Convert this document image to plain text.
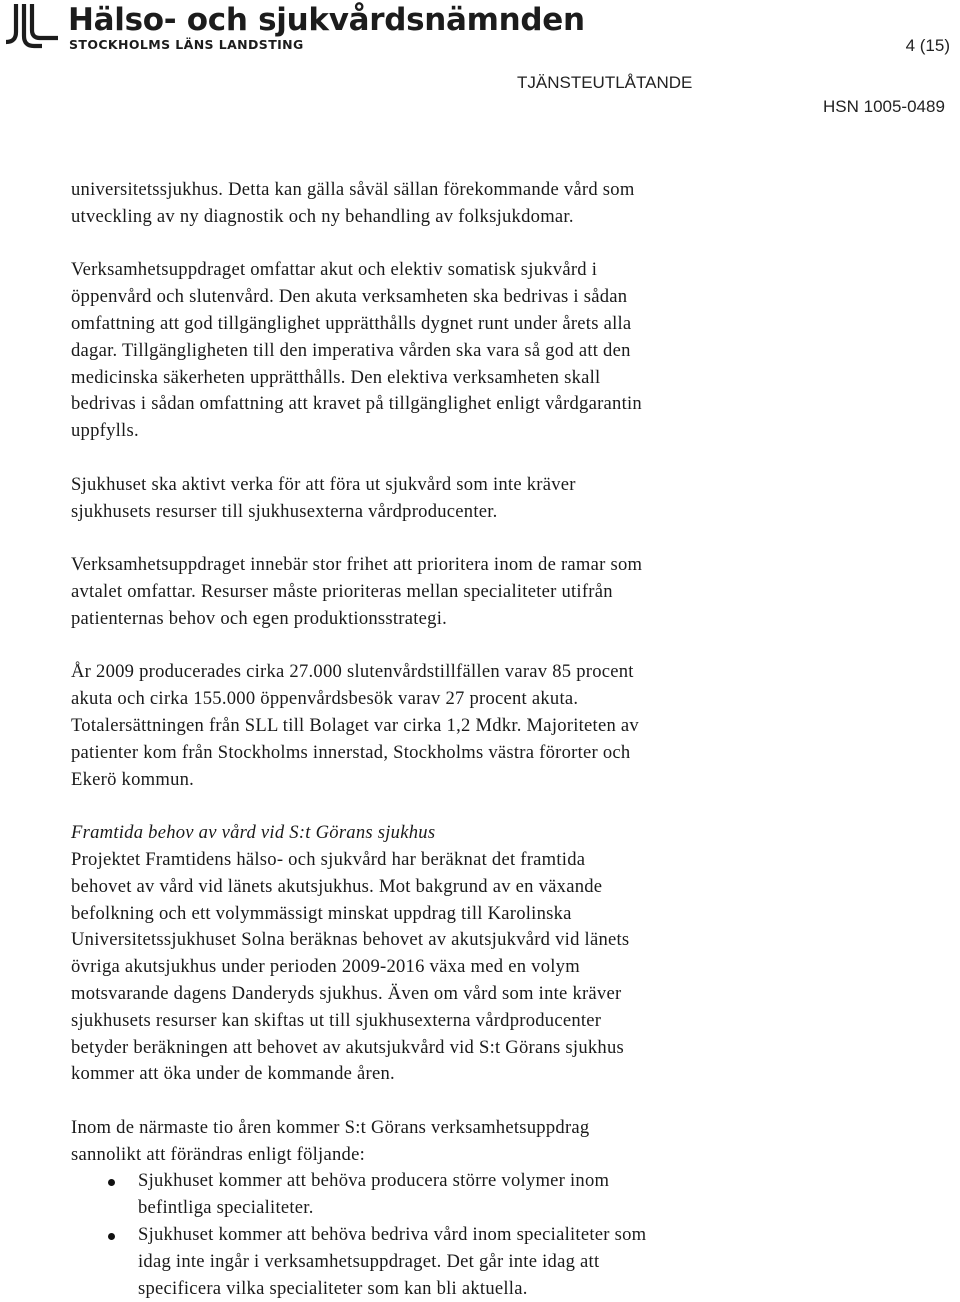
Hälso- och sjukvårdsnämnden
STOCKHOLMS LÄNS LANDSTING	4 (15)
TJÄNSTEUTLÅTANDE
HSN 1005-0489

universitetssjukhus. Detta kan gälla såväl sällan förekommande vård som
utveckling av ny diagnostik och ny behandling av folksjukdomar.

Verksamhetsuppdraget omfattar akut och elektiv somatisk sjukvård i
öppenvård och slutenvård. Den akuta verksamheten ska bedrivas i sådan
omfattning att god tillgänglighet upprätthålls dygnet runt under årets alla
dagar. Tillgängligheten till den imperativa vården ska vara så god att den
medicinska säkerheten upprätthålls. Den elektiva verksamheten skall
bedrivas i sådan omfattning att kravet på tillgänglighet enligt vårdgarantin
uppfylls.

Sjukhuset ska aktivt verka för att föra ut sjukvård som inte kräver
sjukhusets resurser till sjukhusexterna vårdproducenter.

Verksamhetsuppdraget innebär stor frihet att prioritera inom de ramar som
avtalet omfattar. Resurser måste prioriteras mellan specialiteter utifrån
patienternas behov och egen produktionsstrategi.

År 2009 producerades cirka 27.000 slutenvårdstillfällen varav 85 procent
akuta och cirka 155.000 öppenvårdsbesök varav 27 procent akuta.
Totalersättningen från SLL till Bolaget var cirka 1,2 Mdkr. Majoriteten av
patienter kom från Stockholms innerstad, Stockholms västra förorter och
Ekerö kommun.

Framtida behov av vård vid S:t Görans sjukhus
Projektet Framtidens hälso- och sjukvård har beräknat det framtida
behovet av vård vid länets akutsjukhus. Mot bakgrund av en växande
befolkning och ett volymmässigt minskat uppdrag till Karolinska
Universitetssjukhuset Solna beräknas behovet av akutsjukvård vid länets
övriga akutsjukhus under perioden 2009-2016 växa med en volym
motsvarande dagens Danderyds sjukhus. Även om vård som inte kräver
sjukhusets resurser kan skiftas ut till sjukhusexterna vårdproducenter
betyder beräkningen att behovet av akutsjukvård vid S:t Görans sjukhus
kommer att öka under de kommande åren.

Inom de närmaste tio åren kommer S:t Görans verksamhetsuppdrag
sannolikt att förändras enligt följande:

Sjukhuset kommer att behöva producera större volymer inom
befintliga specialiteter.
Sjukhuset kommer att behöva bedriva vård inom specialiteter som
idag inte ingår i verksamhetsuppdraget. Det går inte idag att
specificera vilka specialiteter som kan bli aktuella.
